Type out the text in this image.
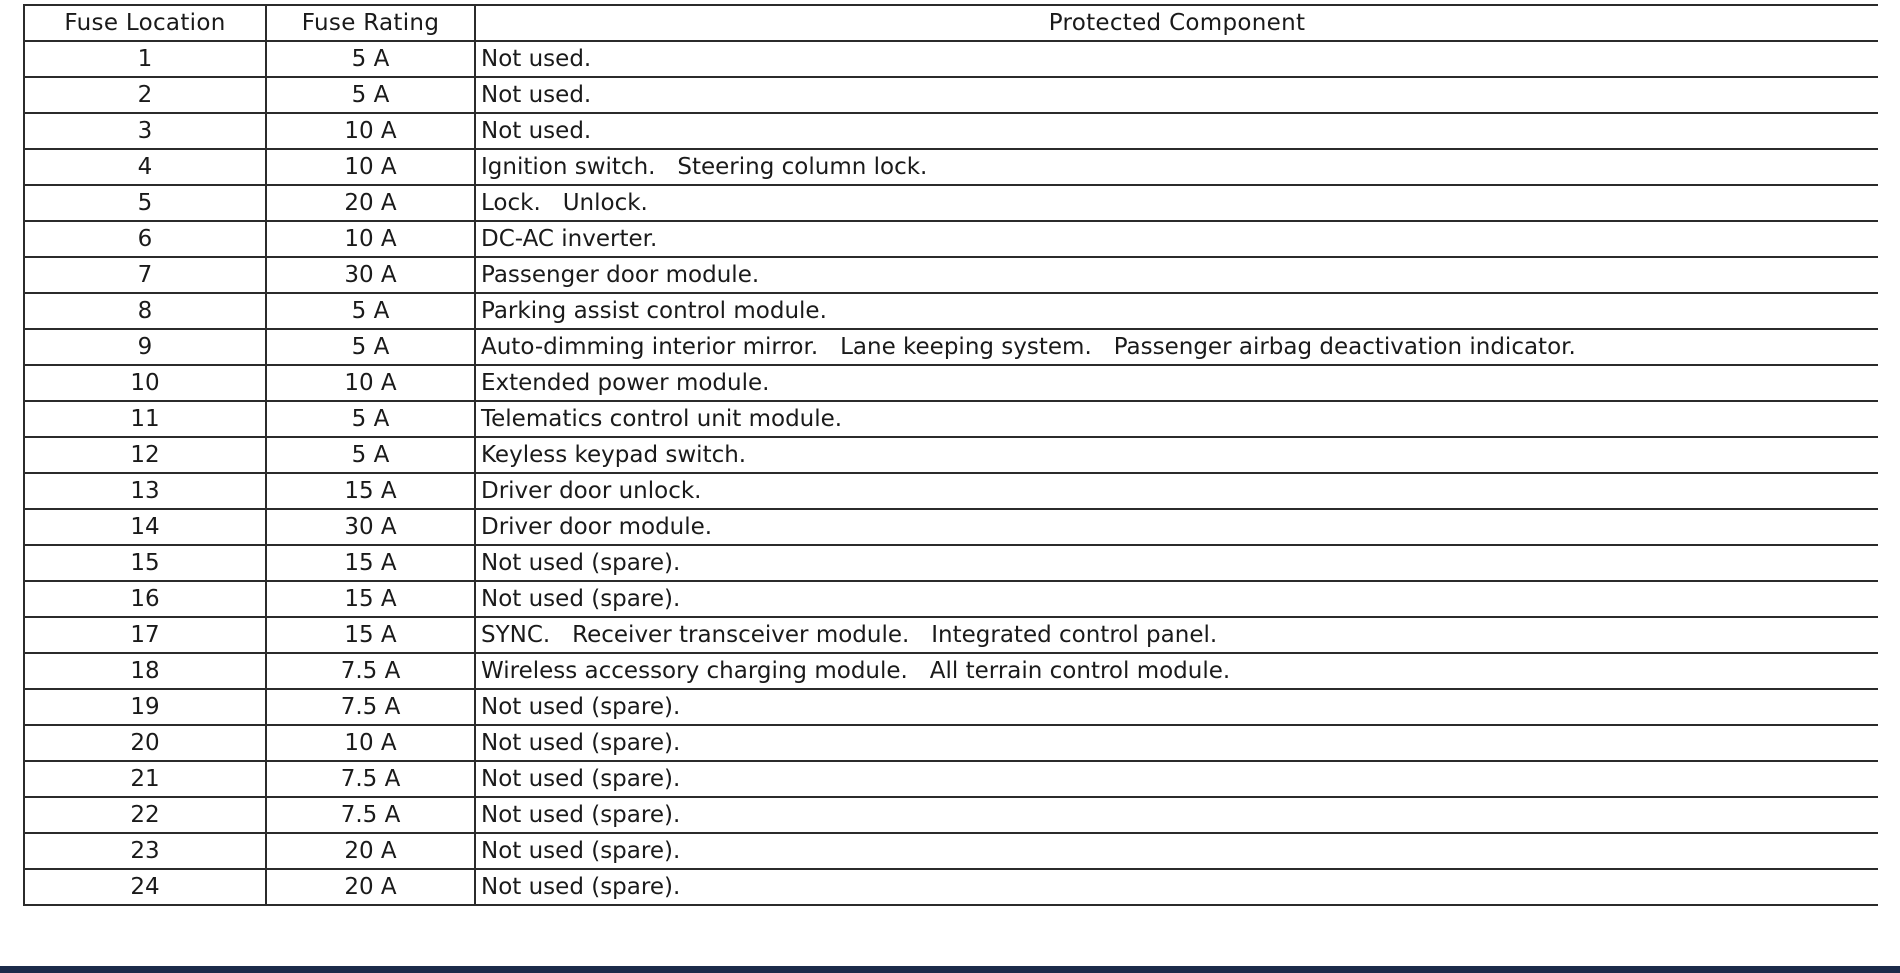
Fuse Location	Fuse Rating	Protected Component
1	5 A	Not used.
2	5 A	Not used.
3	10 A	Not used.
4	10 A	Ignition switch.   Steering column lock.
5	20 A	Lock.   Unlock.
6	10 A	DC-AC inverter.
7	30 A	Passenger door module.
8	5 A	Parking assist control module.
9	5 A	Auto-dimming interior mirror.   Lane keeping system.   Passenger airbag deactivation indicator.
10	10 A	Extended power module.
11	5 A	Telematics control unit module.
12	5 A	Keyless keypad switch.
13	15 A	Driver door unlock.
14	30 A	Driver door module.
15	15 A	Not used (spare).
16	15 A	Not used (spare).
17	15 A	SYNC.   Receiver transceiver module.   Integrated control panel.
18	7.5 A	Wireless accessory charging module.   All terrain control module.
19	7.5 A	Not used (spare).
20	10 A	Not used (spare).
21	7.5 A	Not used (spare).
22	7.5 A	Not used (spare).
23	20 A	Not used (spare).
24	20 A	Not used (spare).
